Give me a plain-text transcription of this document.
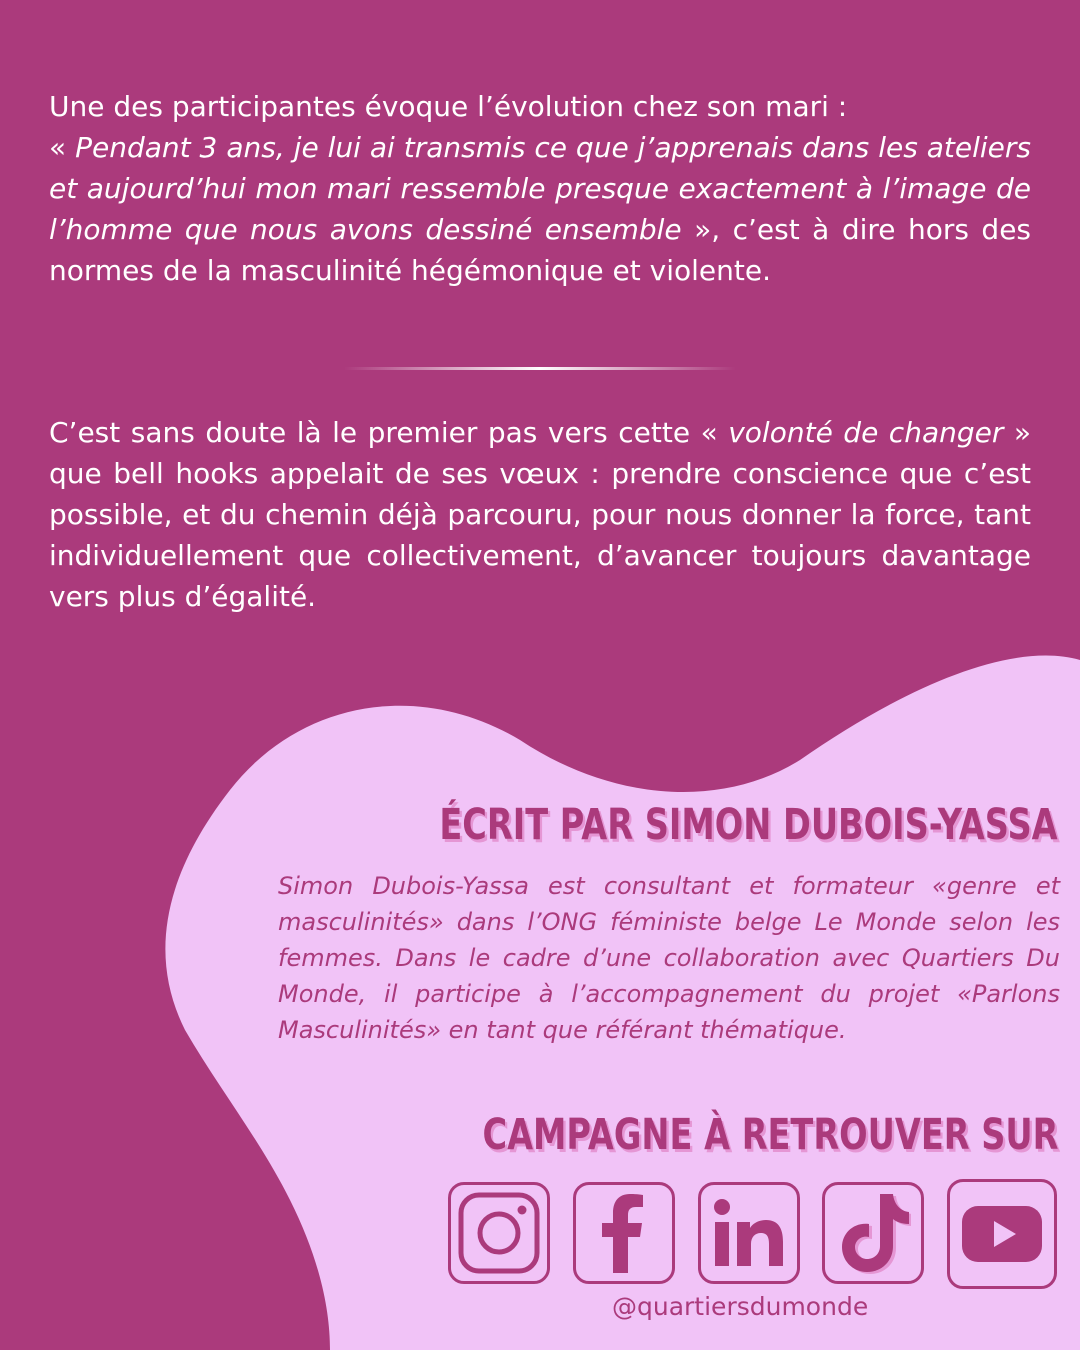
Une des participantes évoque l’évolution chez son mari :
« Pendant 3 ans, je lui ai transmis ce que j’apprenais dans les ateliers et aujourd’hui mon mari ressemble presque exactement à l’image de l’homme que nous avons dessiné ensemble », c’est à dire hors des normes de la masculinité hégémonique et violente.

C’est sans doute là le premier pas vers cette « volonté de changer » que bell hooks appelait de ses vœux : prendre conscience que c’est possible, et du chemin déjà parcouru, pour nous donner la force, tant individuellement que collectivement, d’avancer toujours davantage vers plus d’égalité.

ÉCRIT PAR SIMON DUBOIS-YASSA

Simon Dubois-Yassa est consultant et formateur «genre et masculinités» dans l’ONG féministe belge Le Monde selon les femmes. Dans le cadre d’une collaboration avec Quartiers Du Monde, il participe à l’accompagnement du projet «Parlons Masculinités» en tant que référant thématique.

CAMPAGNE À RETROUVER SUR

@quartiersdumonde
